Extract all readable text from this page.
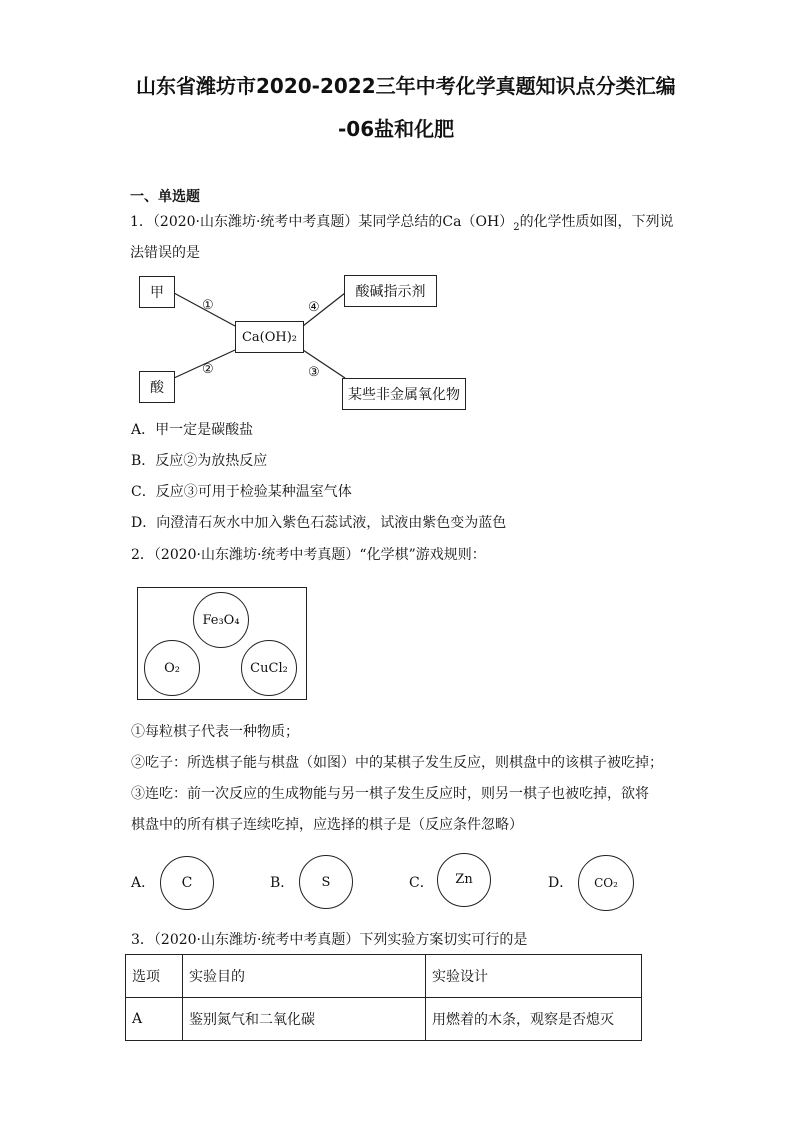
山东省潍坊市2020-2022三年中考化学真题知识点分类汇编
-06盐和化肥
一、单选题
1．（2020·山东潍坊·统考中考真题）某同学总结的$Ca(OH)_2$的化学性质如图，下列说
法错误的是
甲
酸
Ca(OH)₂
酸碱指示剂
某些非金属氧化物
①
②	③
④
A．甲一定是碳酸盐
B．反应②为放热反应
C．反应③可用于检验某种温室气体
D．向澄清石灰水中加入紫色石蕊试液，试液由紫色变为蓝色
2．（2020·山东潍坊·统考中考真题）“化学棋”游戏规则：
Fe₃O₄
O₂	CuCl₂
①每粒棋子代表一种物质；
②吃子：所选棋子能与棋盘（如图）中的某棋子发生反应，则棋盘中的该棋子被吃掉；
③连吃：前一次反应的生成物能与另一棋子发生反应时，则另一棋子也被吃掉，欲将
棋盘中的所有棋子连续吃掉，应选择的棋子是（反应条件忽略）
A．	C	B．	S	C．	Zn	D．	CO₂
3．（2020·山东潍坊·统考中考真题）下列实验方案切实可行的是
选项	实验目的	实验设计
A	鉴别氮气和二氧化碳	用燃着的木条，观察是否熄灭
